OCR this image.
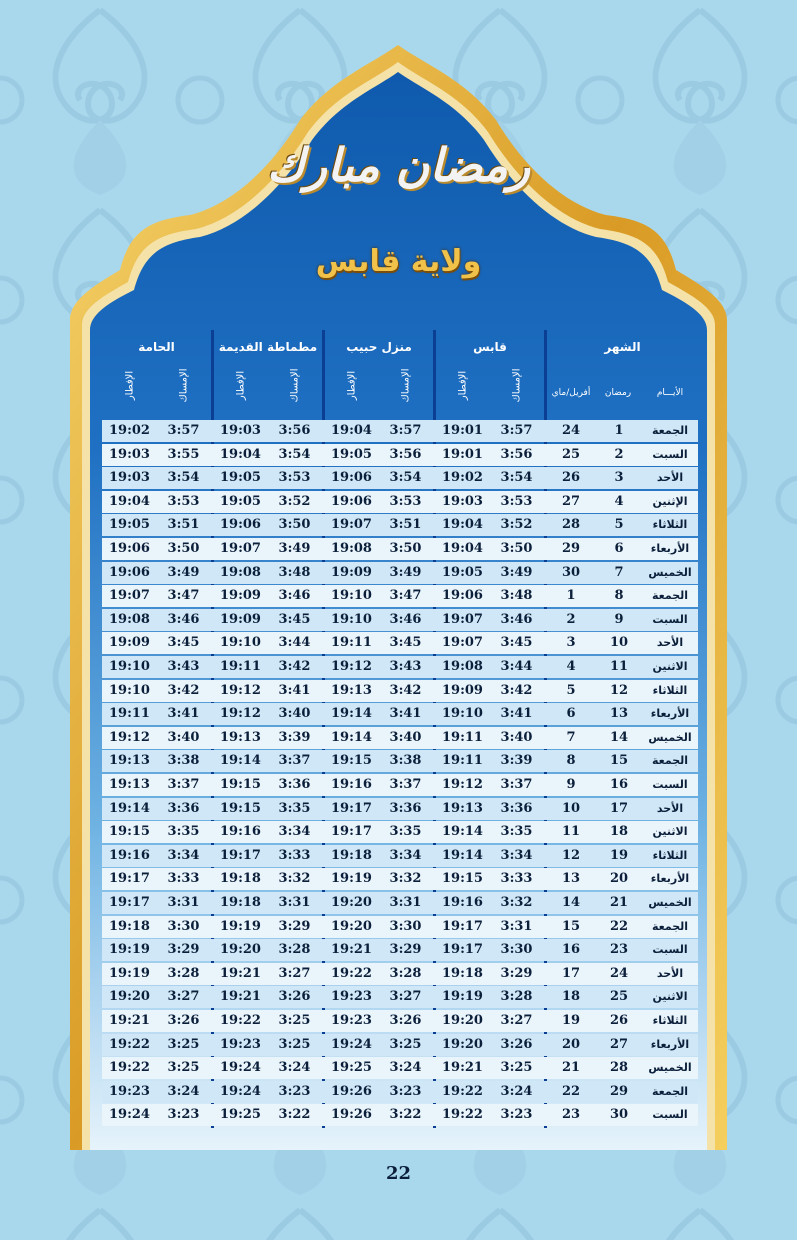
رمضان مبارك
ولاية قابس
الحامة	مطماطة القديمة	منزل حبيب	قابس	الشهر
الإفطار	الإمساك	الإفطار	الإمساك	الإفطار	الإمساك	الإفطار	الإمساك	أفريل/ماي	رمضان	الأيـــام
19:02	3:57	19:03	3:56	19:04	3:57	19:01	3:57	24	1	الجمعة
19:03	3:55	19:04	3:54	19:05	3:56	19:01	3:56	25	2	السبت
19:03	3:54	19:05	3:53	19:06	3:54	19:02	3:54	26	3	الأحد
19:04	3:53	19:05	3:52	19:06	3:53	19:03	3:53	27	4	الإثنين
19:05	3:51	19:06	3:50	19:07	3:51	19:04	3:52	28	5	الثلاثاء
19:06	3:50	19:07	3:49	19:08	3:50	19:04	3:50	29	6	الأربعاء
19:06	3:49	19:08	3:48	19:09	3:49	19:05	3:49	30	7	الخميس
19:07	3:47	19:09	3:46	19:10	3:47	19:06	3:48	1	8	الجمعة
19:08	3:46	19:09	3:45	19:10	3:46	19:07	3:46	2	9	السبت
19:09	3:45	19:10	3:44	19:11	3:45	19:07	3:45	3	10	الأحد
19:10	3:43	19:11	3:42	19:12	3:43	19:08	3:44	4	11	الاثنين
19:10	3:42	19:12	3:41	19:13	3:42	19:09	3:42	5	12	الثلاثاء
19:11	3:41	19:12	3:40	19:14	3:41	19:10	3:41	6	13	الأربعاء
19:12	3:40	19:13	3:39	19:14	3:40	19:11	3:40	7	14	الخميس
19:13	3:38	19:14	3:37	19:15	3:38	19:11	3:39	8	15	الجمعة
19:13	3:37	19:15	3:36	19:16	3:37	19:12	3:37	9	16	السبت
19:14	3:36	19:15	3:35	19:17	3:36	19:13	3:36	10	17	الأحد
19:15	3:35	19:16	3:34	19:17	3:35	19:14	3:35	11	18	الاثنين
19:16	3:34	19:17	3:33	19:18	3:34	19:14	3:34	12	19	الثلاثاء
19:17	3:33	19:18	3:32	19:19	3:32	19:15	3:33	13	20	الأربعاء
19:17	3:31	19:18	3:31	19:20	3:31	19:16	3:32	14	21	الخميس
19:18	3:30	19:19	3:29	19:20	3:30	19:17	3:31	15	22	الجمعة
19:19	3:29	19:20	3:28	19:21	3:29	19:17	3:30	16	23	السبت
19:19	3:28	19:21	3:27	19:22	3:28	19:18	3:29	17	24	الأحد
19:20	3:27	19:21	3:26	19:23	3:27	19:19	3:28	18	25	الاثنين
19:21	3:26	19:22	3:25	19:23	3:26	19:20	3:27	19	26	الثلاثاء
19:22	3:25	19:23	3:25	19:24	3:25	19:20	3:26	20	27	الأربعاء
19:22	3:25	19:24	3:24	19:25	3:24	19:21	3:25	21	28	الخميس
19:23	3:24	19:24	3:23	19:26	3:23	19:22	3:24	22	29	الجمعة
19:24	3:23	19:25	3:22	19:26	3:22	19:22	3:23	23	30	السبت
22
